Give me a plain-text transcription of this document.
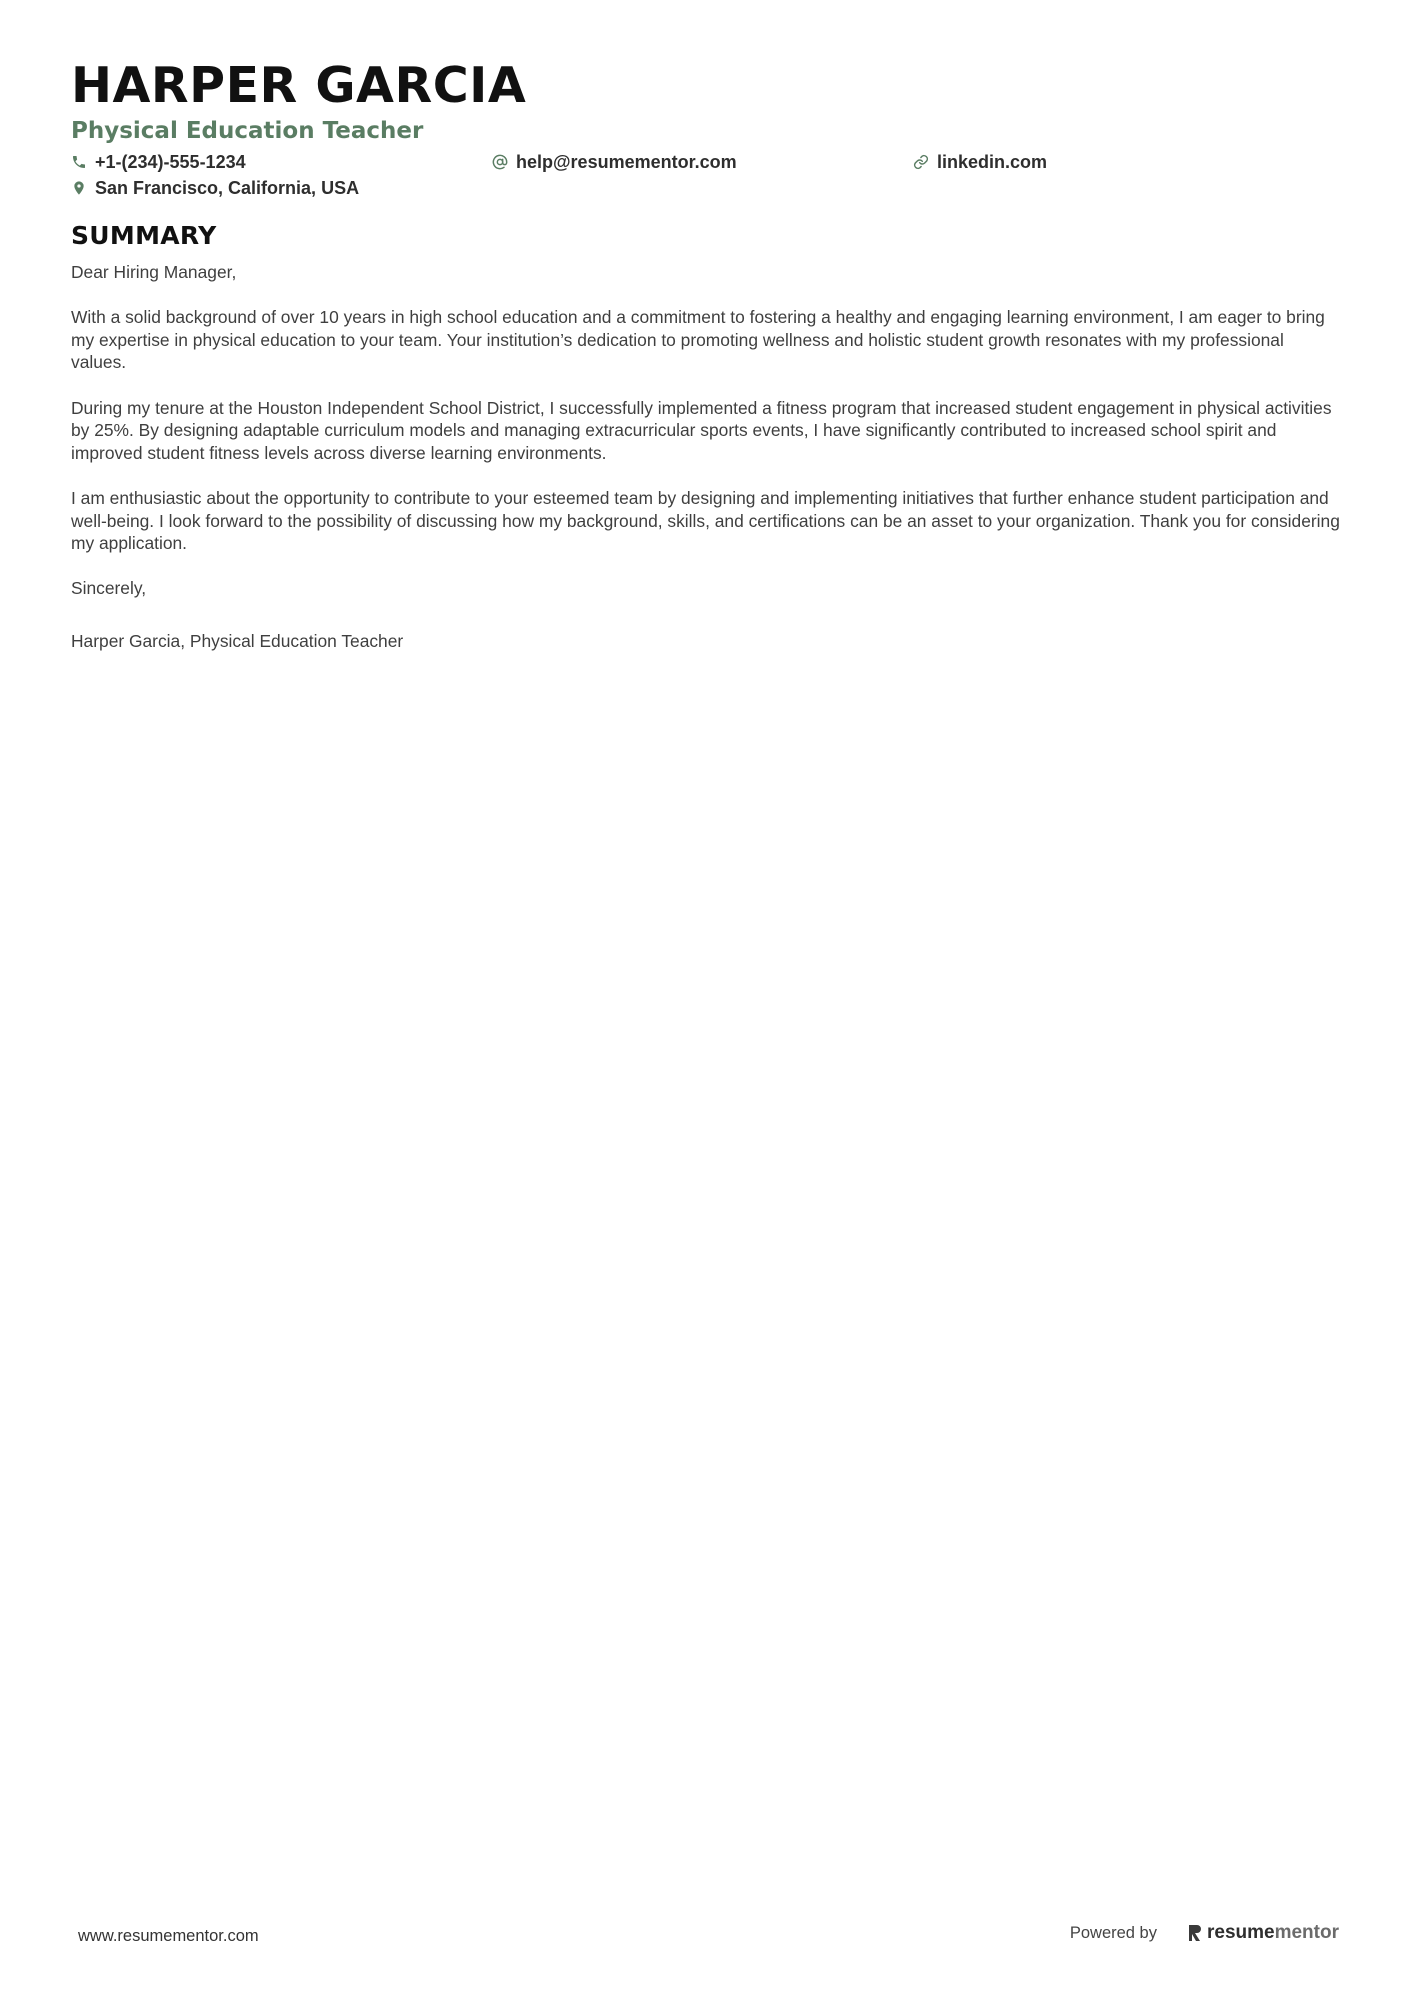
HARPER GARCIA
Physical Education Teacher
+1-(234)-555-1234	help@resumementor.com	linkedin.com
San Francisco, California, USA
SUMMARY

Dear Hiring Manager,

With a solid background of over 10 years in high school education and a commitment to fostering a healthy and engaging learning environment, I am eager to bring my expertise in physical education to your team. Your institution’s dedication to promoting wellness and holistic student growth resonates with my professional values.

During my tenure at the Houston Independent School District, I successfully implemented a fitness program that increased student engagement in physical activities by 25%. By designing adaptable curriculum models and managing extracurricular sports events, I have significantly contributed to increased school spirit and improved student fitness levels across diverse learning environments.

I am enthusiastic about the opportunity to contribute to your esteemed team by designing and implementing initiatives that further enhance student participation and well-being. I look forward to the possibility of discussing how my background, skills, and certifications can be an asset to your organization. Thank you for considering my application.

Sincerely,

Harper Garcia, Physical Education Teacher

www.resumementor.com	Powered by	resume mentor
